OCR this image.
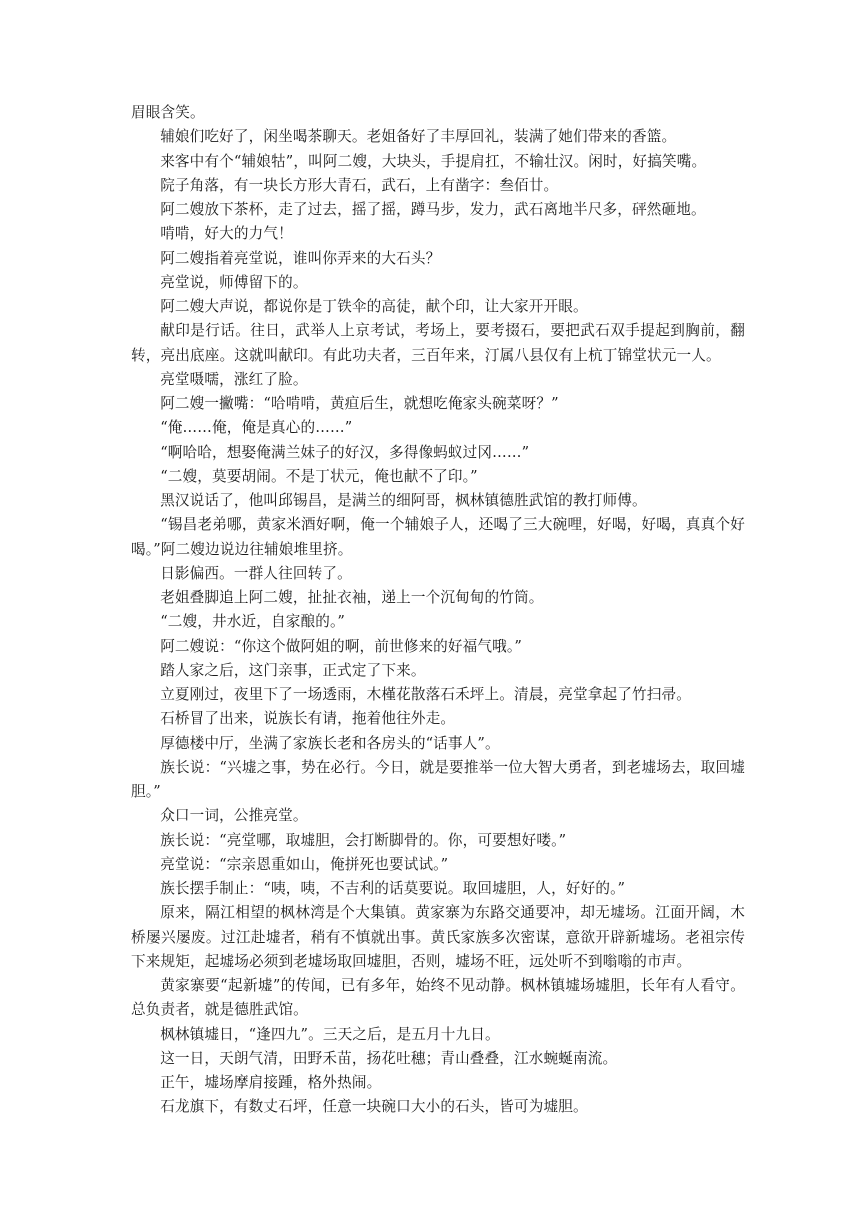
眉眼含笑。

辅娘们吃好了，闲坐喝茶聊天。老姐备好了丰厚回礼，装满了她们带来的香篮。

来客中有个“辅娘牯”，叫阿二嫂，大块头，手提肩扛，不输壮汉。闲时，好搞笑嘴。

院子角落，有一块长方形大青石，武石，上有凿字：叁佰廿。

阿二嫂放下茶杯，走了过去，摇了摇，蹲马步，发力，武石离地半尺多，砰然砸地。

啃啃，好大的力气！

阿二嫂指着亮堂说，谁叫你弄来的大石头？

亮堂说，师傅留下的。

阿二嫂大声说，都说你是丁铁伞的高徒，献个印，让大家开开眼。

献印是行话。往日，武举人上京考试，考场上，要考掇石，要把武石双手提起到胸前，翻转，亮出底座。这就叫献印。有此功夫者，三百年来，汀属八县仅有上杭丁锦堂状元一人。

亮堂嗫嚅，涨红了脸。

阿二嫂一撇嘴：“哈啃啃，黄疸后生，就想吃俺家头碗菜呀？”

“俺……俺，俺是真心的……”

“啊哈哈，想娶俺满兰妹子的好汉，多得像蚂蚁过冈……”

“二嫂，莫要胡闹。不是丁状元，俺也献不了印。”

黑汉说话了，他叫邱锡昌，是满兰的细阿哥，枫林镇德胜武馆的教打师傅。

“锡昌老弟哪，黄家米酒好啊，俺一个辅娘子人，还喝了三大碗哩，好喝，好喝，真真个好喝。”阿二嫂边说边往辅娘堆里挤。

日影偏西。一群人往回转了。

老姐叠脚追上阿二嫂，扯扯衣袖，递上一个沉甸甸的竹筒。

“二嫂，井水近，自家酿的。”

阿二嫂说：“你这个做阿姐的啊，前世修来的好福气哦。”

踏人家之后，这门亲事，正式定了下来。

立夏刚过，夜里下了一场透雨，木槿花散落石禾坪上。清晨，亮堂拿起了竹扫帚。

石桥冒了出来，说族长有请，拖着他往外走。

厚德楼中厅，坐满了家族长老和各房头的“话事人”。

族长说：“兴墟之事，势在必行。今日，就是要推举一位大智大勇者，到老墟场去，取回墟胆。”

众口一词，公推亮堂。

族长说：“亮堂哪，取墟胆，会打断脚骨的。你，可要想好喽。”

亮堂说：“宗亲恩重如山，俺拼死也要试试。”

族长摆手制止：“咦，咦，不吉利的话莫要说。取回墟胆，人，好好的。”

原来，隔江相望的枫林湾是个大集镇。黄家寨为东路交通要冲，却无墟场。江面开阔，木桥屡兴屡废。过江赴墟者，稍有不慎就出事。黄氏家族多次密谋，意欲开辟新墟场。老祖宗传下来规矩，起墟场必须到老墟场取回墟胆，否则，墟场不旺，远处听不到嗡嗡的市声。

黄家寨要“起新墟”的传闻，已有多年，始终不见动静。枫林镇墟场墟胆，长年有人看守。总负责者，就是德胜武馆。

枫林镇墟日，“逢四九”。三天之后，是五月十九日。

这一日，天朗气清，田野禾苗，扬花吐穗；青山叠叠，江水蜿蜒南流。

正午，墟场摩肩接踵，格外热闹。

石龙旗下，有数丈石坪，任意一块碗口大小的石头，皆可为墟胆。
